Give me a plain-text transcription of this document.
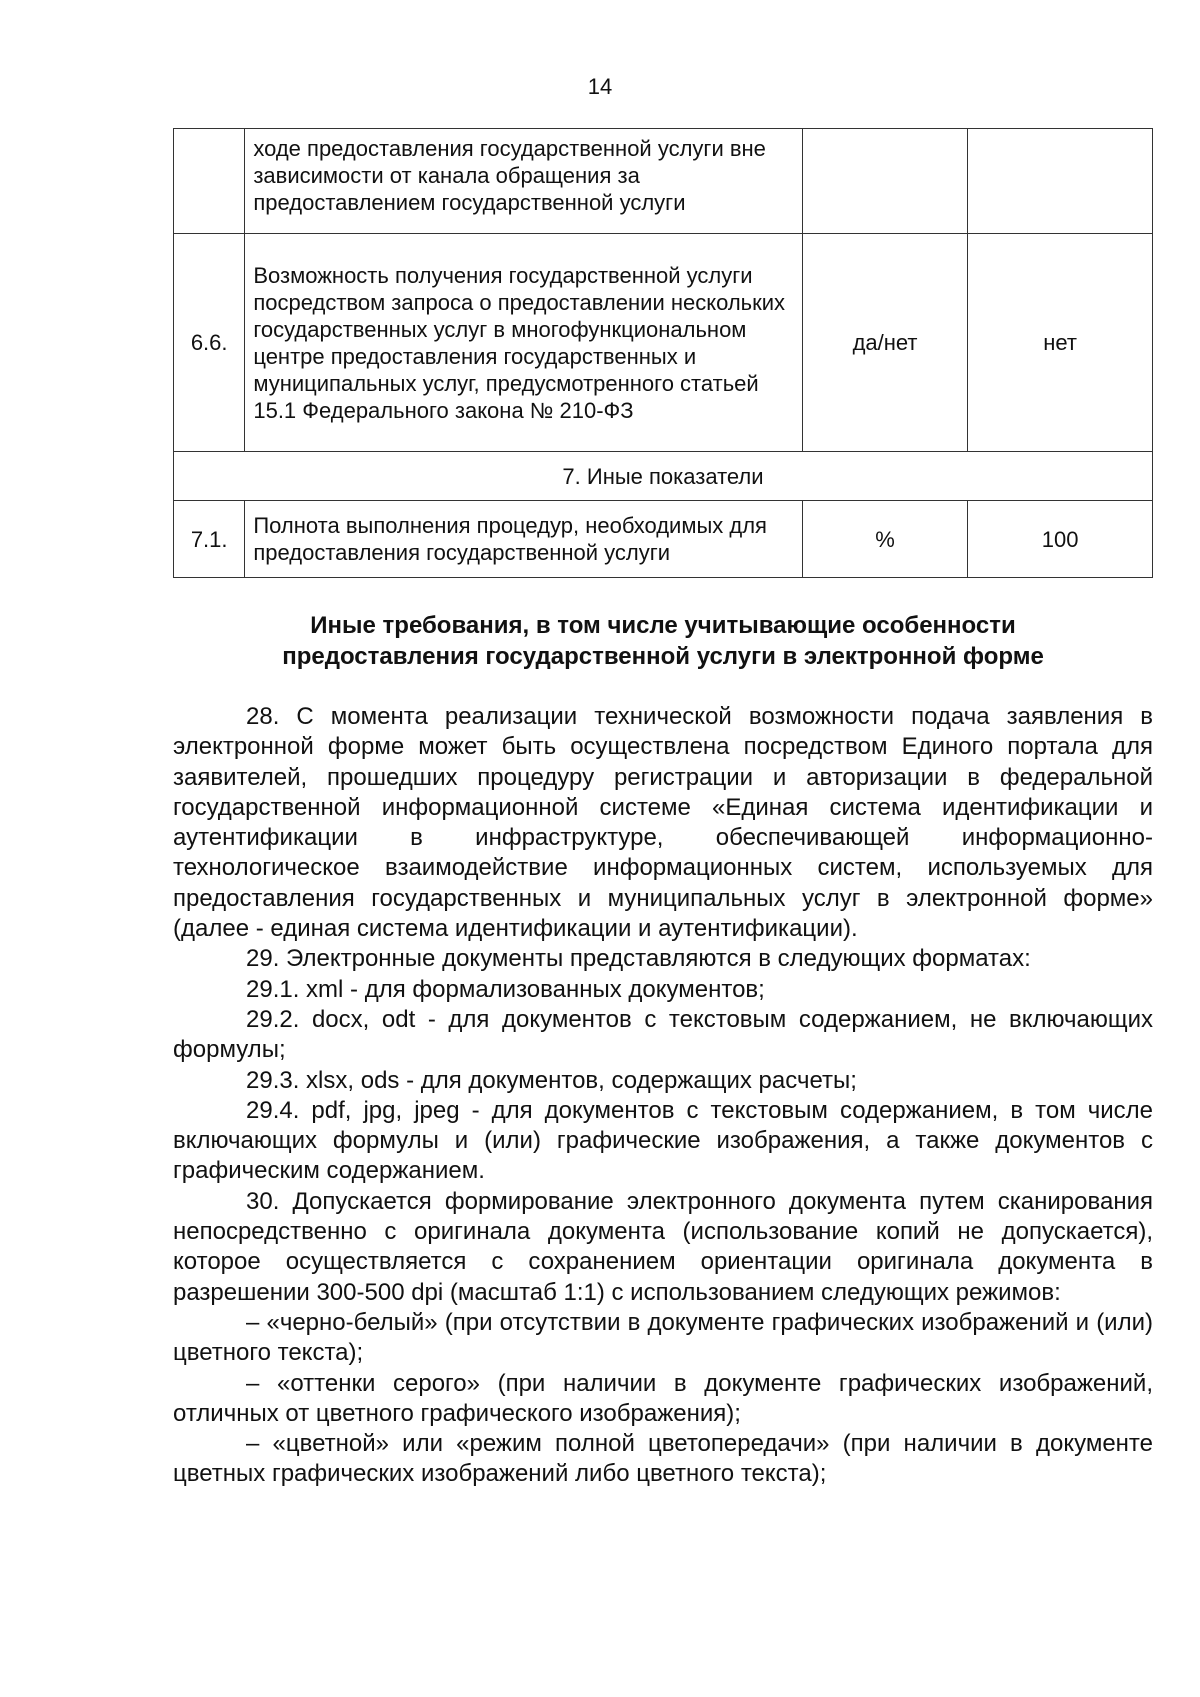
14
	ходе предоставления государственной услуги вне зависимости от канала обращения за предоставлением государственной услуги		
6.6.	Возможность получения государственной услуги посредством запроса о предоставлении нескольких государственных услуг в многофункциональном центре предоставления государственных и муниципальных услуг, предусмотренного статьей 15.1 Федерального закона № 210-ФЗ	да/нет	нет
7. Иные показатели			
7.1.	Полнота выполнения процедур, необходимых для предоставления государственной услуги	%	100
Иные требования, в том числе учитывающие особенности
предоставления государственной услуги в электронной форме

28. С момента реализации технической возможности подача заявления в электронной форме может быть осуществлена посредством Единого портала для заявителей, прошедших процедуру регистрации и авторизации в федеральной государственной информационной системе «Единая система идентификации и аутентификации в инфраструктуре, обеспечивающей информационно-технологическое взаимодействие информационных систем, используемых для предоставления государственных и муниципальных услуг в электронной форме» (далее - единая система идентификации и аутентификации).

29. Электронные документы представляются в следующих форматах:

29.1. xml - для формализованных документов;

29.2. docx, odt - для документов с текстовым содержанием, не включающих формулы;

29.3. xlsx, ods - для документов, содержащих расчеты;

29.4. pdf, jpg, jpeg - для документов с текстовым содержанием, в том числе включающих формулы и (или) графические изображения, а также документов с графическим содержанием.

30. Допускается формирование электронного документа путем сканирования непосредственно с оригинала документа (использование копий не допускается), которое осуществляется с сохранением ориентации оригинала документа в разрешении 300-500 dpi (масштаб 1:1) с использованием следующих режимов:

– «черно-белый» (при отсутствии в документе графических изображений и (или) цветного текста);

– «оттенки серого» (при наличии в документе графических изображений, отличных от цветного графического изображения);

– «цветной» или «режим полной цветопередачи» (при наличии в документе цветных графических изображений либо цветного текста);
